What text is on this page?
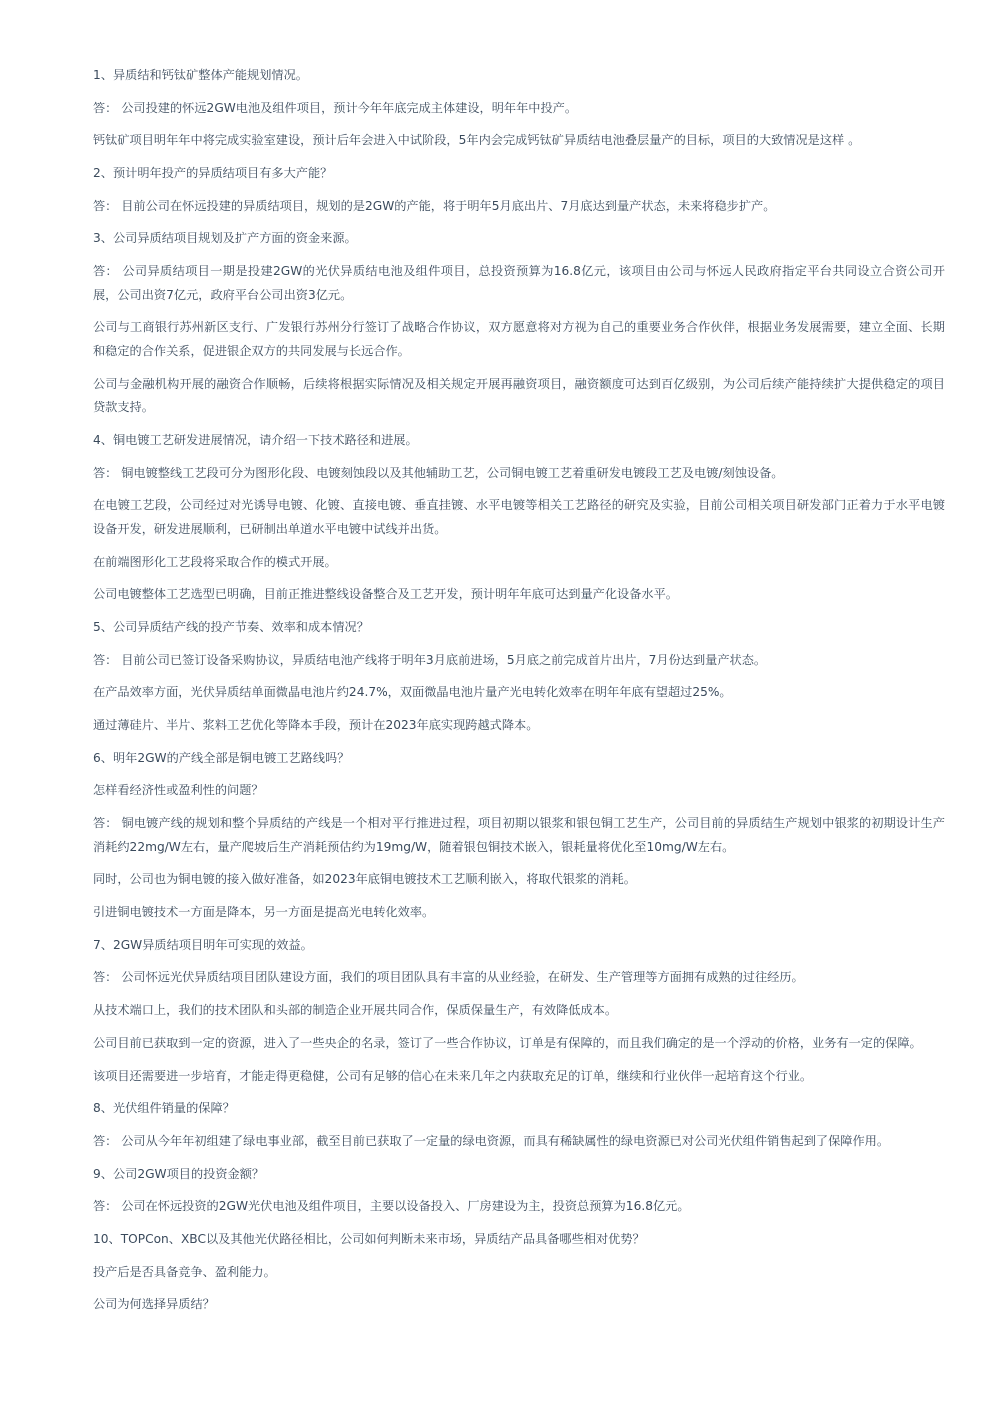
1、异质结和钙钛矿整体产能规划情况。

答： 公司投建的怀远2GW电池及组件项目，预计今年年底完成主体建设，明年年中投产。

钙钛矿项目明年年中将完成实验室建设，预计后年会进入中试阶段，5年内会完成钙钛矿异质结电池叠层量产的目标，项目的大致情况是这样 。

2、预计明年投产的异质结项目有多大产能？

答： 目前公司在怀远投建的异质结项目，规划的是2GW的产能，将于明年5月底出片、7月底达到量产状态，未来将稳步扩产。

3、公司异质结项目规划及扩产方面的资金来源。

答： 公司异质结项目一期是投建2GW的光伏异质结电池及组件项目，总投资预算为16.8亿元，该项目由公司与怀远人民政府指定平台共同设立合资公司开展，公司出资7亿元，政府平台公司出资3亿元。

公司与工商银行苏州新区支行、广发银行苏州分行签订了战略合作协议，双方愿意将对方视为自己的重要业务合作伙伴，根据业务发展需要，建立全面、长期和稳定的合作关系，促进银企双方的共同发展与长远合作。

公司与金融机构开展的融资合作顺畅，后续将根据实际情况及相关规定开展再融资项目，融资额度可达到百亿级别，为公司后续产能持续扩大提供稳定的项目贷款支持。

4、铜电镀工艺研发进展情况，请介绍一下技术路径和进展。

答： 铜电镀整线工艺段可分为图形化段、电镀刻蚀段以及其他辅助工艺，公司铜电镀工艺着重研发电镀段工艺及电镀/刻蚀设备。

在电镀工艺段，公司经过对光诱导电镀、化镀、直接电镀、垂直挂镀、水平电镀等相关工艺路径的研究及实验，目前公司相关项目研发部门正着力于水平电镀设备开发，研发进展顺利，已研制出单道水平电镀中试线并出货。

在前端图形化工艺段将采取合作的模式开展。

公司电镀整体工艺选型已明确，目前正推进整线设备整合及工艺开发，预计明年年底可达到量产化设备水平。

5、公司异质结产线的投产节奏、效率和成本情况？

答： 目前公司已签订设备采购协议，异质结电池产线将于明年3月底前进场，5月底之前完成首片出片，7月份达到量产状态。

在产品效率方面，光伏异质结单面微晶电池片约24.7%，双面微晶电池片量产光电转化效率在明年年底有望超过25%。

通过薄硅片、半片、浆料工艺优化等降本手段，预计在2023年底实现跨越式降本。

6、明年2GW的产线全部是铜电镀工艺路线吗？

怎样看经济性或盈利性的问题？

答： 铜电镀产线的规划和整个异质结的产线是一个相对平行推进过程，项目初期以银浆和银包铜工艺生产，公司目前的异质结生产规划中银浆的初期设计生产消耗约22mg/W左右，量产爬坡后生产消耗预估约为19mg/W，随着银包铜技术嵌入，银耗量将优化至10mg/W左右。

同时，公司也为铜电镀的接入做好准备，如2023年底铜电镀技术工艺顺利嵌入，将取代银浆的消耗。

引进铜电镀技术一方面是降本，另一方面是提高光电转化效率。

7、2GW异质结项目明年可实现的效益。

答： 公司怀远光伏异质结项目团队建设方面，我们的项目团队具有丰富的从业经验，在研发、生产管理等方面拥有成熟的过往经历。

从技术端口上，我们的技术团队和头部的制造企业开展共同合作，保质保量生产，有效降低成本。

公司目前已获取到一定的资源，进入了一些央企的名录，签订了一些合作协议，订单是有保障的，而且我们确定的是一个浮动的价格，业务有一定的保障。

该项目还需要进一步培育，才能走得更稳健，公司有足够的信心在未来几年之内获取充足的订单，继续和行业伙伴一起培育这个行业。

8、光伏组件销量的保障？

答： 公司从今年年初组建了绿电事业部，截至目前已获取了一定量的绿电资源，而具有稀缺属性的绿电资源已对公司光伏组件销售起到了保障作用。

9、公司2GW项目的投资金额？

答： 公司在怀远投资的2GW光伏电池及组件项目，主要以设备投入、厂房建设为主，投资总预算为16.8亿元。

10、TOPCon、XBC以及其他光伏路径相比，公司如何判断未来市场，异质结产品具备哪些相对优势？

投产后是否具备竞争、盈利能力。

公司为何选择异质结？
